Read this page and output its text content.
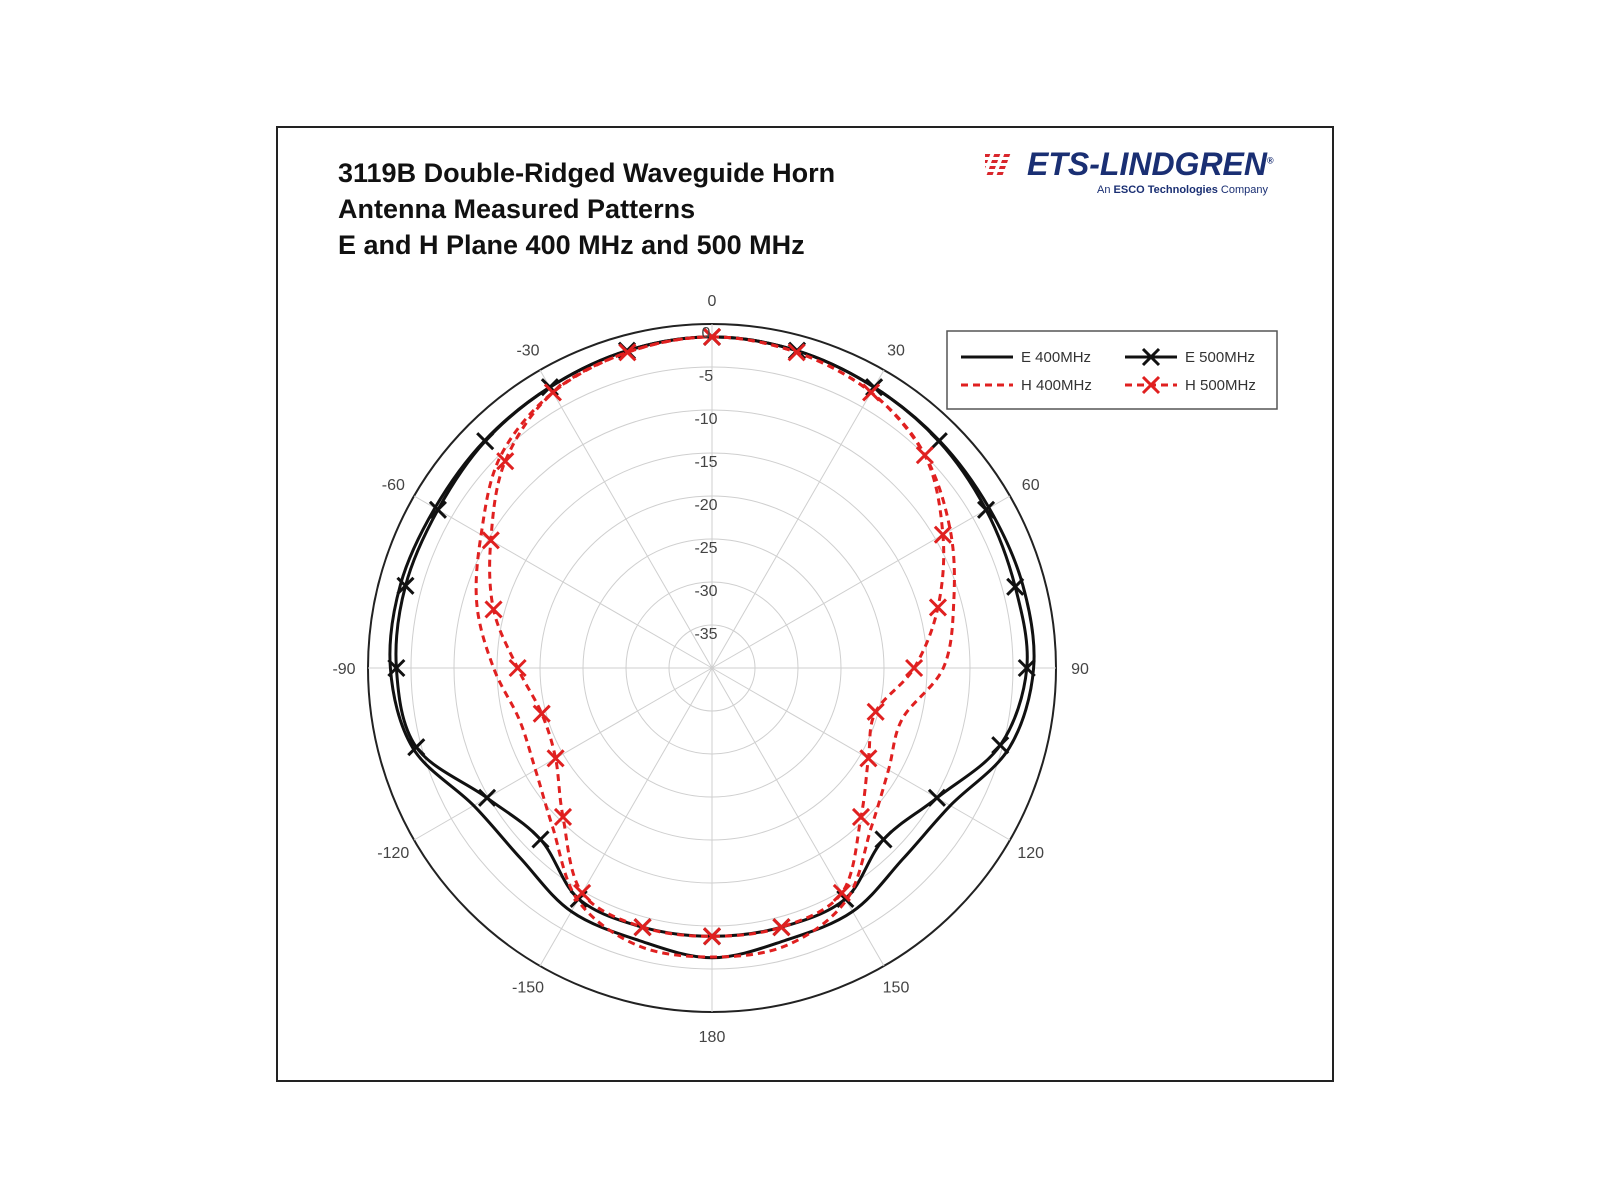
3119B Double-Ridged Waveguide Horn
Antenna Measured Patterns
E and H Plane 400 MHz and 500 MHz
ETS-LINDGREN®
An ESCO Technologies Company
0
30
60
90
120
150
180
-150
-120
-90
-60
-30
0
-5
-10
-15
-20
-25
-30
-35
E 400MHz	E 500MHz
H 400MHz	H 500MHz
